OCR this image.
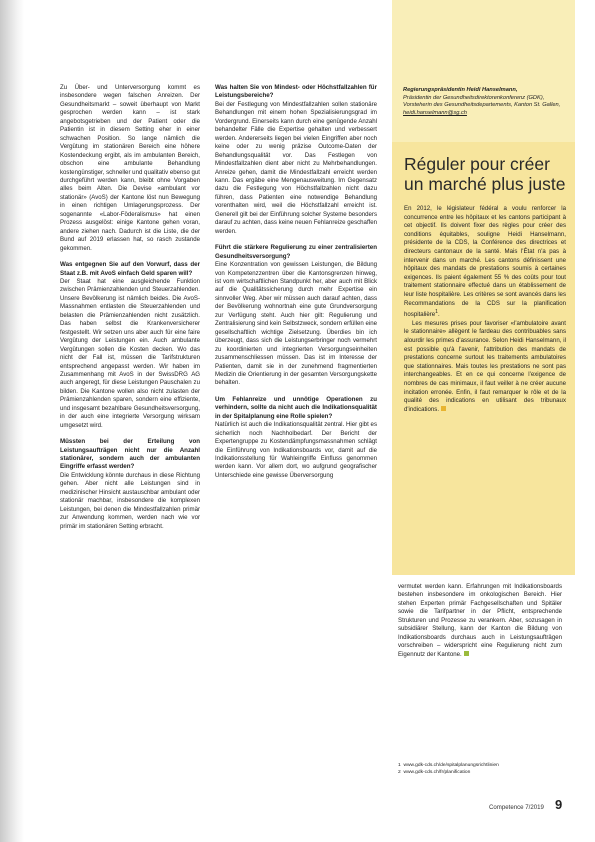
Zu Über- und Unterversorgung kommt es insbesondere wegen falschen Anreizen. Der Gesundheitsmarkt – soweit überhaupt von Markt gesprochen werden kann – ist stark angebotsgetrieben und der Patient oder die Patientin ist in diesem Setting eher in einer schwachen Position. So lange nämlich die Vergütung im stationären Bereich eine höhere Kostendeckung ergibt, als im ambulanten Bereich, obschon eine ambulante Behandlung kostengünstiger, schneller und qualitativ ebenso gut durchgeführt werden kann, bleibt ohne Vorgaben alles beim Alten. Die Devise «ambulant vor stationär» (AvoS) der Kantone löst nun Bewegung in einen richtigen Umlagerungsprozess. Der sogenannte «Labor-Föderalismus» hat einen Prozess ausgelöst: einige Kantone gehen voran, andere ziehen nach. Dadurch ist die Liste, die der Bund auf 2019 erlassen hat, so rasch zustande gekommen.

Was entgegnen Sie auf den Vorwurf, dass der Staat z.B. mit AvoS einfach Geld sparen will?

Der Staat hat eine ausgleichende Funktion zwischen Prämienzahlenden und Steuerzahlenden. Unsere Bevölkerung ist nämlich beides. Die AvoS-Massnahmen entlasten die Steuerzahlenden und belasten die Prämienzahlenden nicht zusätzlich. Das haben selbst die Krankenversicherer festgestellt. Wir setzen uns aber auch für eine faire Vergütung der Leistungen ein. Auch ambulante Vergütungen sollen die Kosten decken. Wo das nicht der Fall ist, müssen die Tarifstrukturen entsprechend angepasst werden. Wir haben im Zusammenhang mit AvoS in der SwissDRG AG auch angeregt, für diese Leistungen Pauschalen zu bilden. Die Kantone wollen also nicht zulasten der Prämienzahlenden sparen, sondern eine effiziente, und insgesamt bezahlbare Gesundheitsversorgung, in der auch eine integrierte Versorgung wirksam umgesetzt wird.

Müssten bei der Erteilung von Leistungsaufträgen nicht nur die Anzahl stationärer, sondern auch der ambulanten Eingriffe erfasst werden?

Die Entwicklung könnte durchaus in diese Richtung gehen. Aber nicht alle Leistungen sind in medizinischer Hinsicht austauschbar ambulant oder stationär machbar, insbesondere die komplexen Leistungen, bei denen die Mindestfallzahlen primär zur Anwendung kommen, werden nach wie vor primär im stationären Setting erbracht.

Was halten Sie von Mindest- oder Höchstfallzahlen für Leistungsbereiche?

Bei der Festlegung von Mindestfallzahlen sollen stationäre Behandlungen mit einem hohen Spezialisierungsgrad im Vordergrund. Einerseits kann durch eine genügende Anzahl behandelter Fälle die Expertise gehalten und verbessert werden. Andererseits liegen bei vielen Eingriffen aber noch keine oder zu wenig präzise Outcome-Daten der Behandlungsqualität vor. Das Festlegen von Mindestfallzahlen dient aber nicht zu Mehrbehandlungen. Anreize gehen, damit die Mindestfallzahl erreicht werden kann. Das ergäbe eine Mengenausweitung. Im Gegensatz dazu die Festlegung von Höchstfallzahlen nicht dazu führen, dass Patienten eine notwendige Behandlung vorenthalten wird, weil die Höchstfallzahl erreicht ist. Generell gilt bei der Einführung solcher Systeme besonders darauf zu achten, dass keine neuen Fehlanreize geschaffen werden.

Führt die stärkere Regulierung zu einer zentralisierten Gesundheitsversorgung?

Eine Konzentration von gewissen Leistungen, die Bildung von Kompetenzzentren über die Kantonsgrenzen hinweg, ist vom wirtschaftlichen Standpunkt her, aber auch mit Blick auf die Qualitätssicherung durch mehr Expertise ein sinnvoller Weg. Aber wir müssen auch darauf achten, dass der Bevölkerung wohnortnah eine gute Grundversorgung zur Verfügung steht. Auch hier gilt: Regulierung und Zentralisierung sind kein Selbstzweck, sondern erfüllen eine gesellschaftlich wichtige Zielsetzung. Überdies bin ich überzeugt, dass sich die Leistungserbringer noch vermehrt zu koordinierten und integrierten Versorgungseinheiten zusammenschliessen müssen. Das ist im Interesse der Patienten, damit sie in der zunehmend fragmentierten Medizin die Orientierung in der gesamten Versorgungskette behalten.

Um Fehlanreize und unnötige Operationen zu verhindern, sollte da nicht auch die Indikationsqualität in der Spitalplanung eine Rolle spielen?

Natürlich ist auch die Indikationsqualität zentral. Hier gibt es sicherlich noch Nachholbedarf. Der Bericht der Expertengruppe zu Kostendämpfungsmassnahmen schlägt die Einführung von Indikationsboards vor, damit auf die Indikationsstellung für Wahleingriffe Einfluss genommen werden kann. Vor allem dort, wo aufgrund geografischer Unterschiede eine gewisse Überversorgung

Regierungspräsidentin Heidi Hanselmann,

Präsidentin der Gesundheitsdirektorenkonferenz (GDK), Vorsteherin des Gesundheitsdepartements, Kanton St. Gallen, heidi.hanselmann@sg.ch

Réguler pour créer un marché plus juste

En 2012, le législateur fédéral a voulu renforcer la concurrence entre les hôpitaux et les cantons participant à cet objectif. Ils doivent fixer des règles pour créer des conditions équitables, souligne Heidi Hanselmann, présidente de la CDS, la Conférence des directrices et directeurs cantonaux de la santé. Mais l'État n'a pas à intervenir dans un marché. Les cantons définissent une hôpitaux des mandats de prestations soumis à certaines exigences. Ils paient également 55 % des coûts pour tout traitement stationnaire effectué dans un établissement de leur liste hospitalière. Les critères se sont avancés dans les Recommandations de la CDS sur la planification hospitalière$^1$.

Les mesures prises pour favoriser «l'ambulatoire avant le stationnaire» allègent le fardeau des contribuables sans alourdir les primes d'assurance. Selon Heidi Hanselmann, il est possible qu'à l'avenir, l'attribution des mandats de prestations concerne surtout les traitements ambulatoires que stationnaires. Mais toutes les prestations ne sont pas interchangeables. Et en ce qui concerne l'exigence de nombres de cas minimaux, il faut veiller à ne créer aucune incitation erronée. Enfin, il faut remarquer le rôle et de la qualité des indications en utilisant des tribunaux d'indications.

vermutet werden kann. Erfahrungen mit Indikationsboards bestehen insbesondere im onkologischen Bereich. Hier stehen Experten primär Fachgesellschaften und Spitäler sowie die Tarifpartner in der Pflicht, entsprechende Strukturen und Prozesse zu verankern. Aber, sozusagen in subsidiärer Stellung, kann der Kanton die Bildung von Indikationsboards durchaus auch in Leistungsaufträgen vorschreiben – widerspricht eine Regulierung nicht zum Eigennutz der Kantone.

1 www.gdk-cds.ch/de/spitalplanungsrichtlinien

2 www.gdk-cds.ch/fr/planification

Competence 7/2019 9
